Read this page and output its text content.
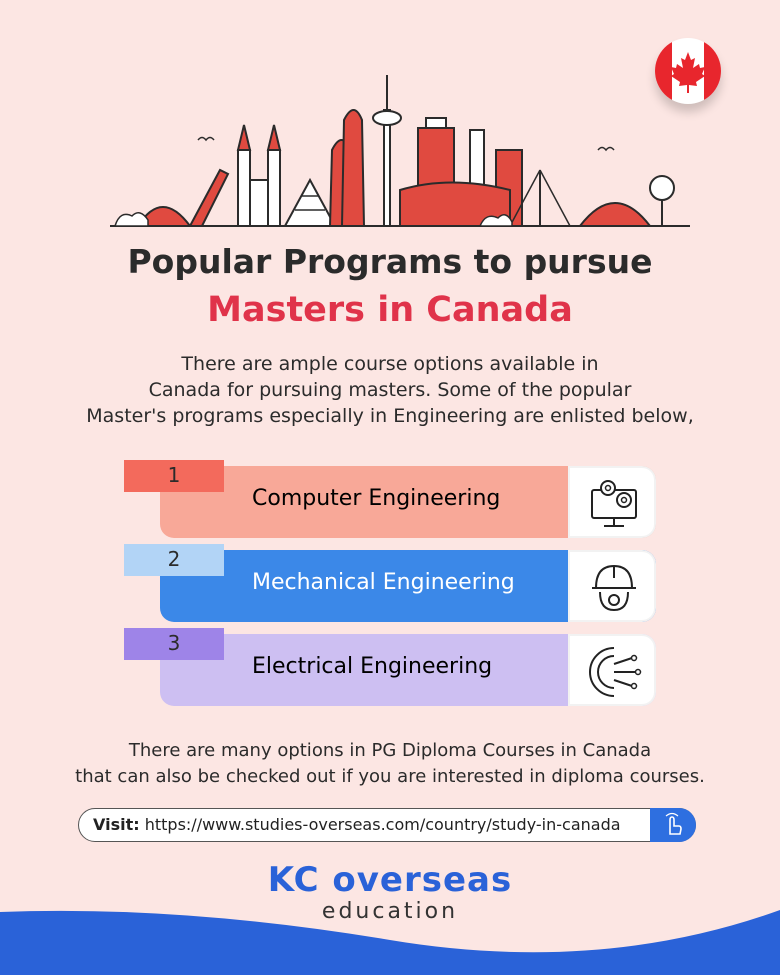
Popular Programs to pursue
Masters in Canada
There are ample course options available in
Canada for pursuing masters. Some of the popular
Master's programs especially in Engineering are enlisted below,
1
Computer Engineering
2
Mechanical Engineering
3
Electrical Engineering
There are many options in PG Diploma Courses in Canada
that can also be checked out if you are interested in diploma courses.
Visit: https://www.studies-overseas.com/country/study-in-canada
KC overseas
education
